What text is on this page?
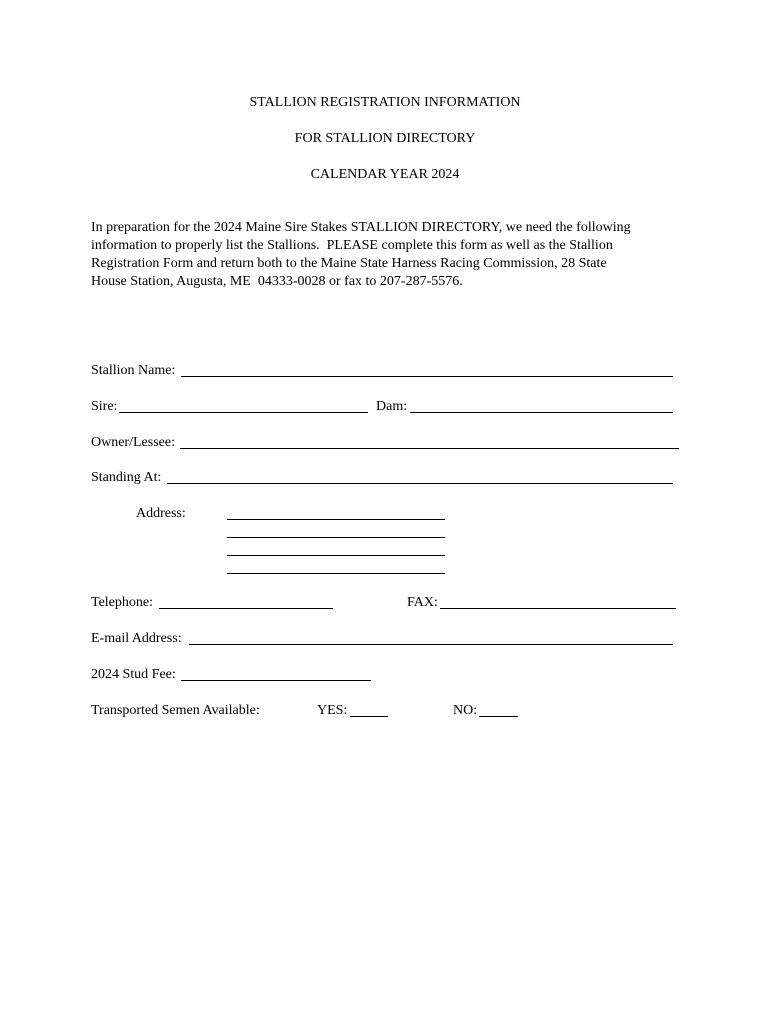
STALLION REGISTRATION INFORMATION
FOR STALLION DIRECTORY
CALENDAR YEAR 2024
In preparation for the 2024 Maine Sire Stakes STALLION DIRECTORY, we need the following
information to properly list the Stallions.  PLEASE complete this form as well as the Stallion
Registration Form and return both to the Maine State Harness Racing Commission, 28 State
House Station, Augusta, ME  04333-0028 or fax to 207-287-5576.
Stallion Name:
Sire:	Dam:
Owner/Lessee:
Standing At:
Address:
Telephone:	FAX:
E-mail Address:
2024 Stud Fee:
Transported Semen Available:	YES:	NO:
